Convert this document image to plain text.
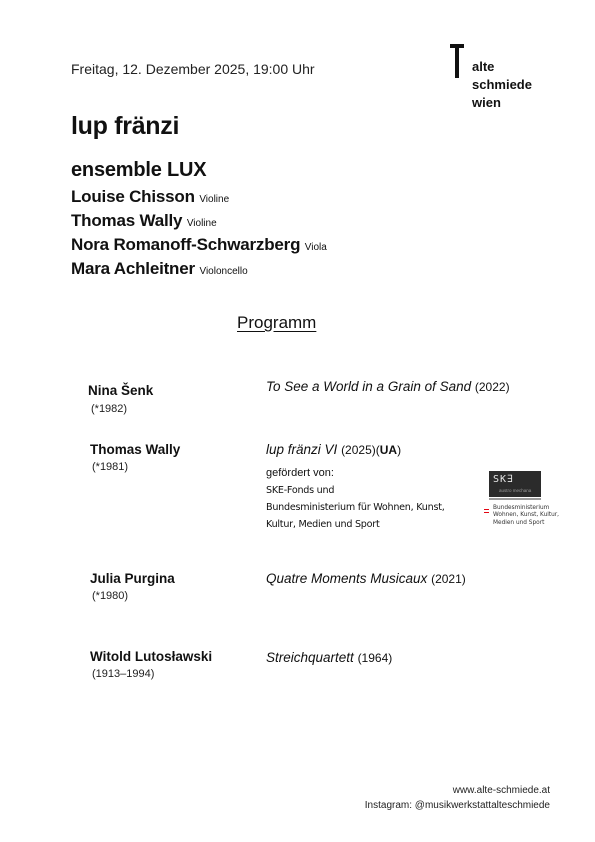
Freitag, 12. Dezember 2025, 19:00 Uhr	alte
schmiede
wien
lup fränzi
ensemble LUX
Louise Chisson Violine
Thomas Wally Violine
Nora Romanoff-Schwarzberg Viola
Mara Achleitner Violoncello
Programm
Nina Šenk
(*1982)
To See a World in a Grain of Sand (2022)
Thomas Wally
(*1981)
lup fränzi VI (2025)(UA)
gefördert von:
SKE-Fonds und
Bundesministerium für Wohnen, Kunst,
Kultur, Medien und Sport
SK∃
austro mechana
Bundesministerium
Wohnen, Kunst, Kultur,
Medien und Sport
Julia Purgina
(*1980)
Quatre Moments Musicaux (2021)
Witold Lutosławski
(1913–1994)
Streichquartett (1964)
www.alte-schmiede.at
Instagram: @musikwerkstattalteschmiede
